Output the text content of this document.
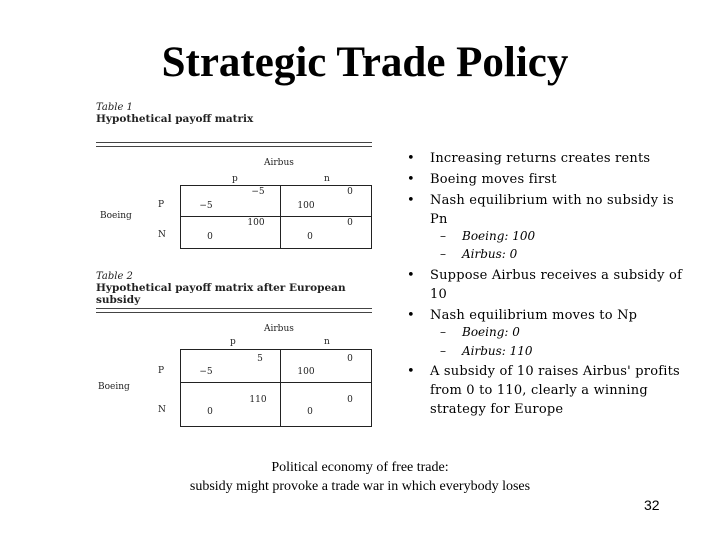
Strategic Trade Policy
Table 1
Hypothetical payoff matrix
Airbus
p	n
Boeing
P
N
−5
−5
0
100
100
0
0
0
Table 2
Hypothetical payoff matrix after European subsidy
Airbus
p	n
Boeing
P
N
5
−5
0
100
110
0
0
0
• Increasing returns creates rents
• Boeing moves first
• Nash equilibrium with no subsidy is Pn
– Boeing: 100
– Airbus: 0
• Suppose Airbus receives a subsidy of 10
• Nash equilibrium moves to Np
– Boeing: 0
– Airbus: 110
• A subsidy of 10 raises Airbus' profits from 0 to 110, clearly a winning strategy for Europe
Political economy of free trade:
subsidy might provoke a trade war in which everybody loses
32
